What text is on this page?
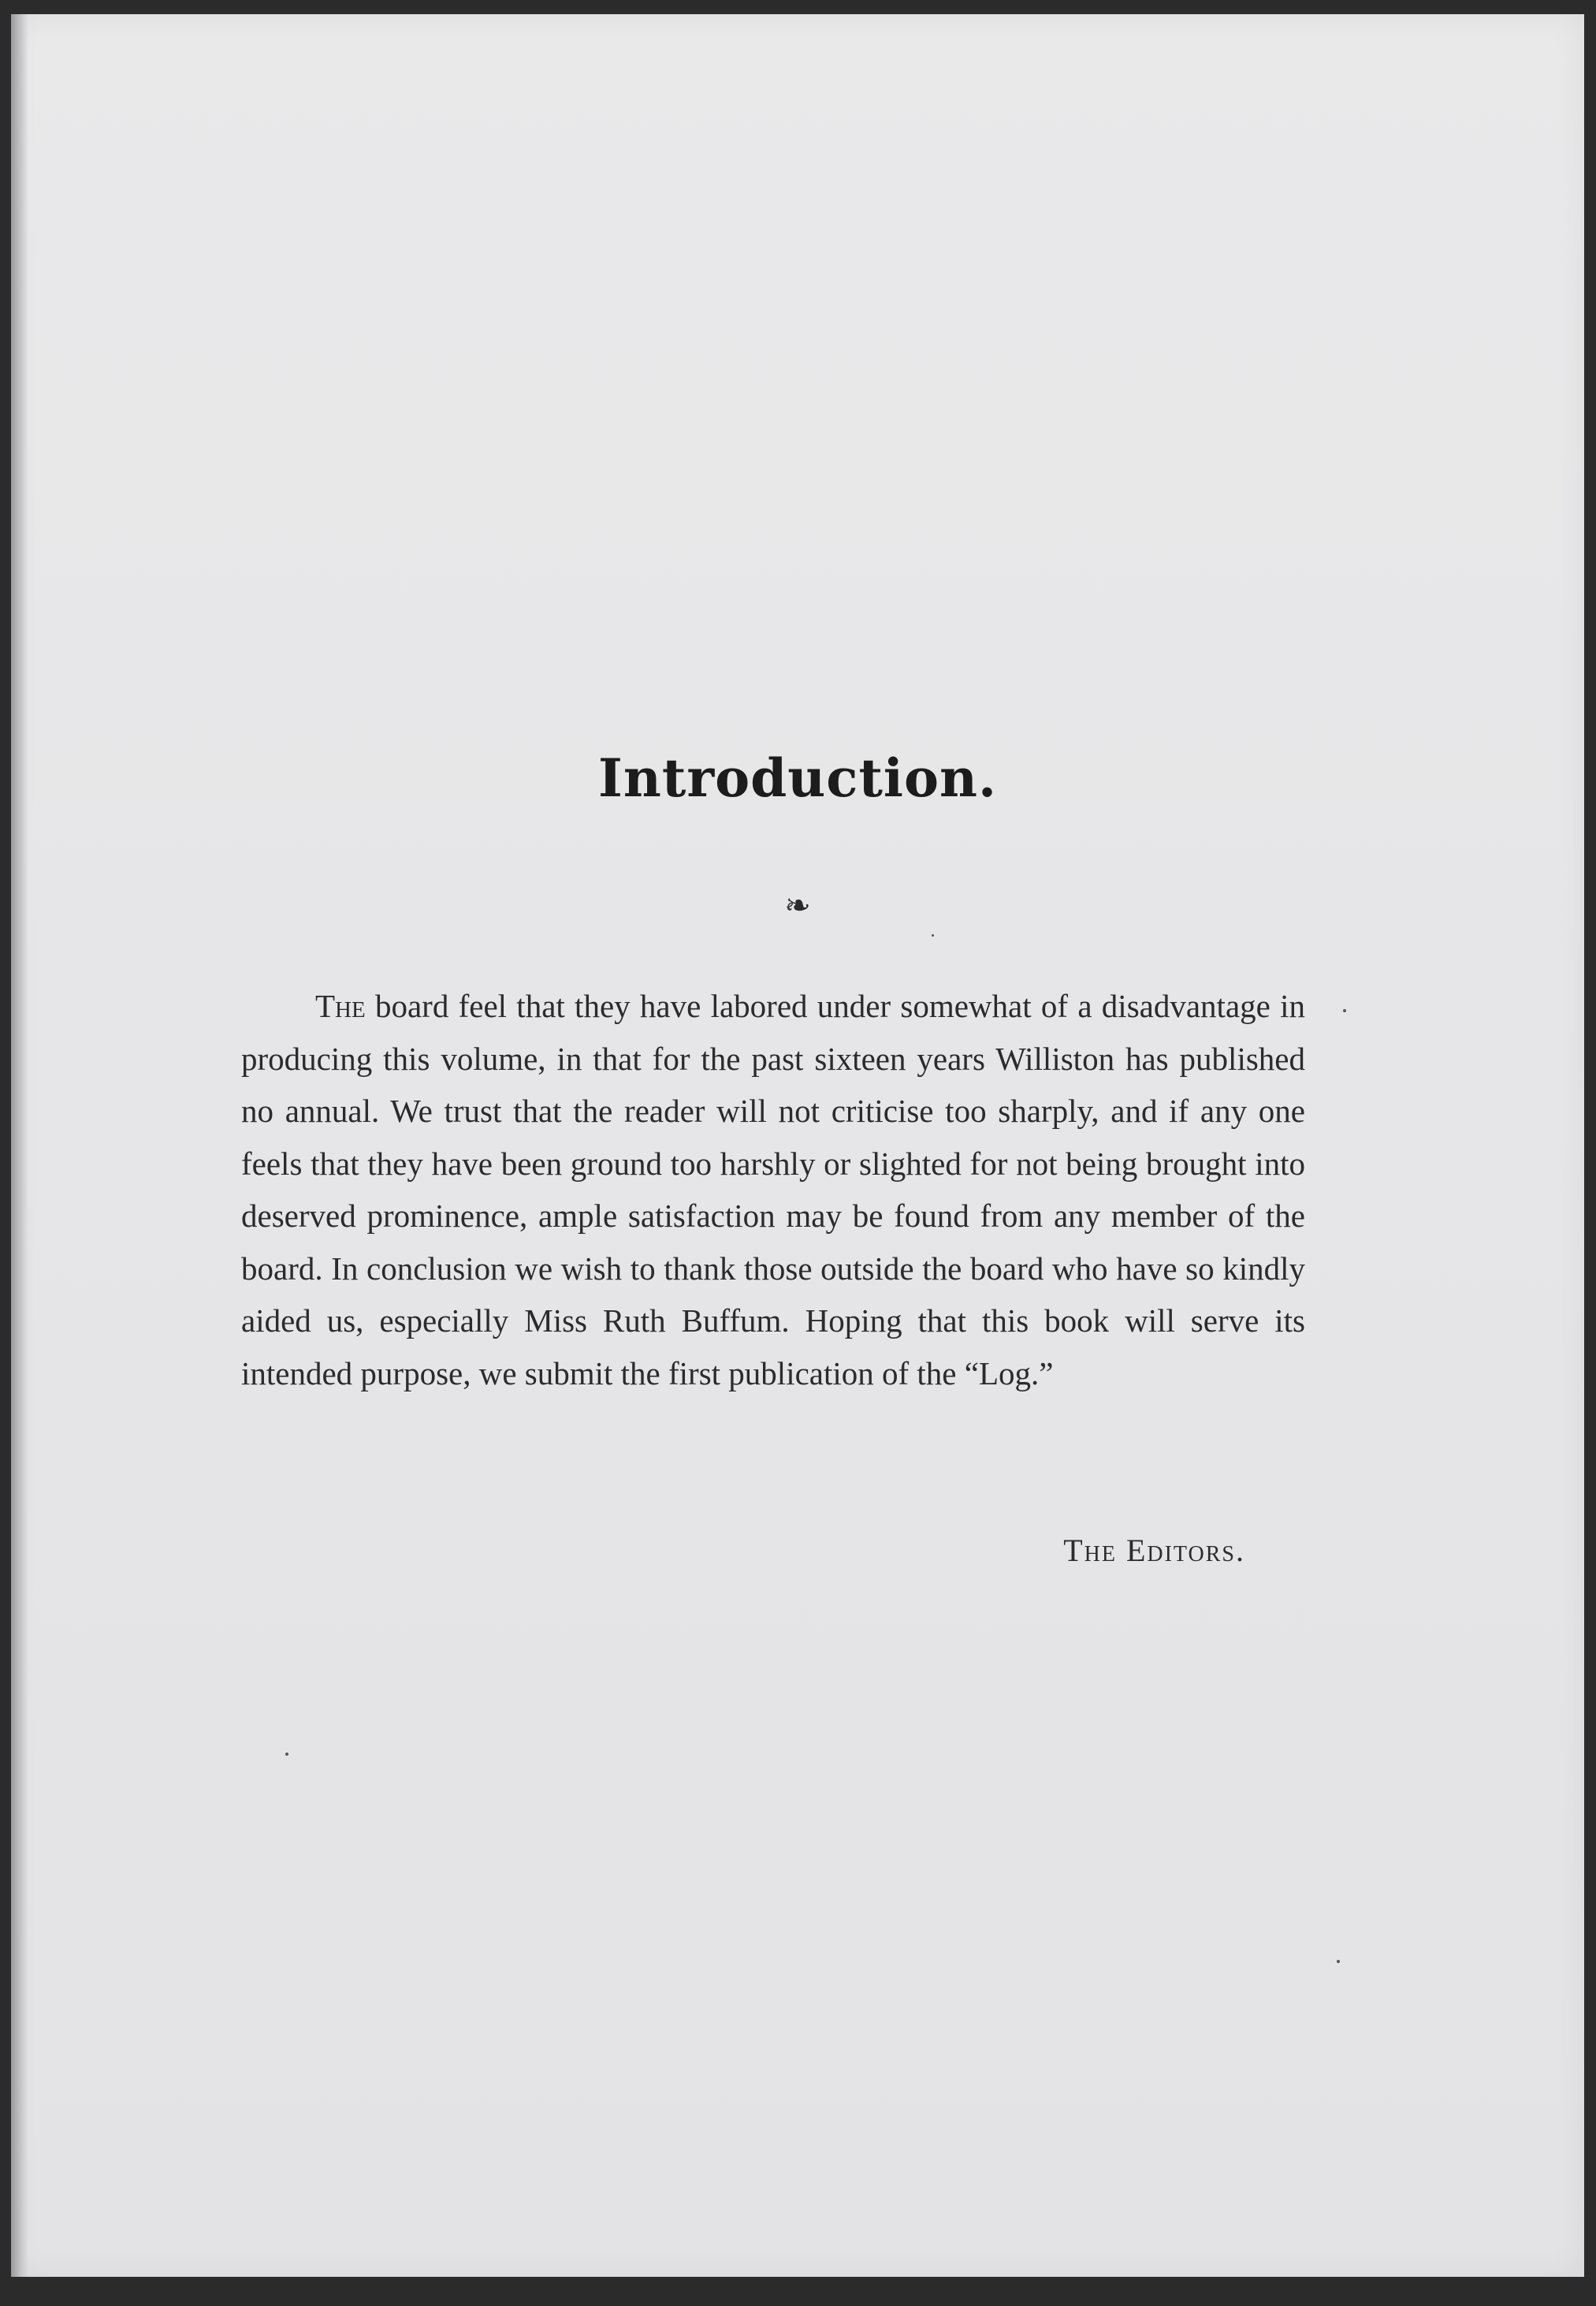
Introduction.
❧

The board feel that they have labored under somewhat of a disadvantage in producing this volume, in that for the past sixteen years Williston has published no annual. We trust that the reader will not criticise too sharply, and if any one feels that they have been ground too harshly or slighted for not being brought into deserved prominence, ample satisfaction may be found from any member of the board. In conclusion we wish to thank those outside the board who have so kindly aided us, especially Miss Ruth Buffum. Hoping that this book will serve its intended purpose, we submit the first publication of the “Log.”

The Editors.
